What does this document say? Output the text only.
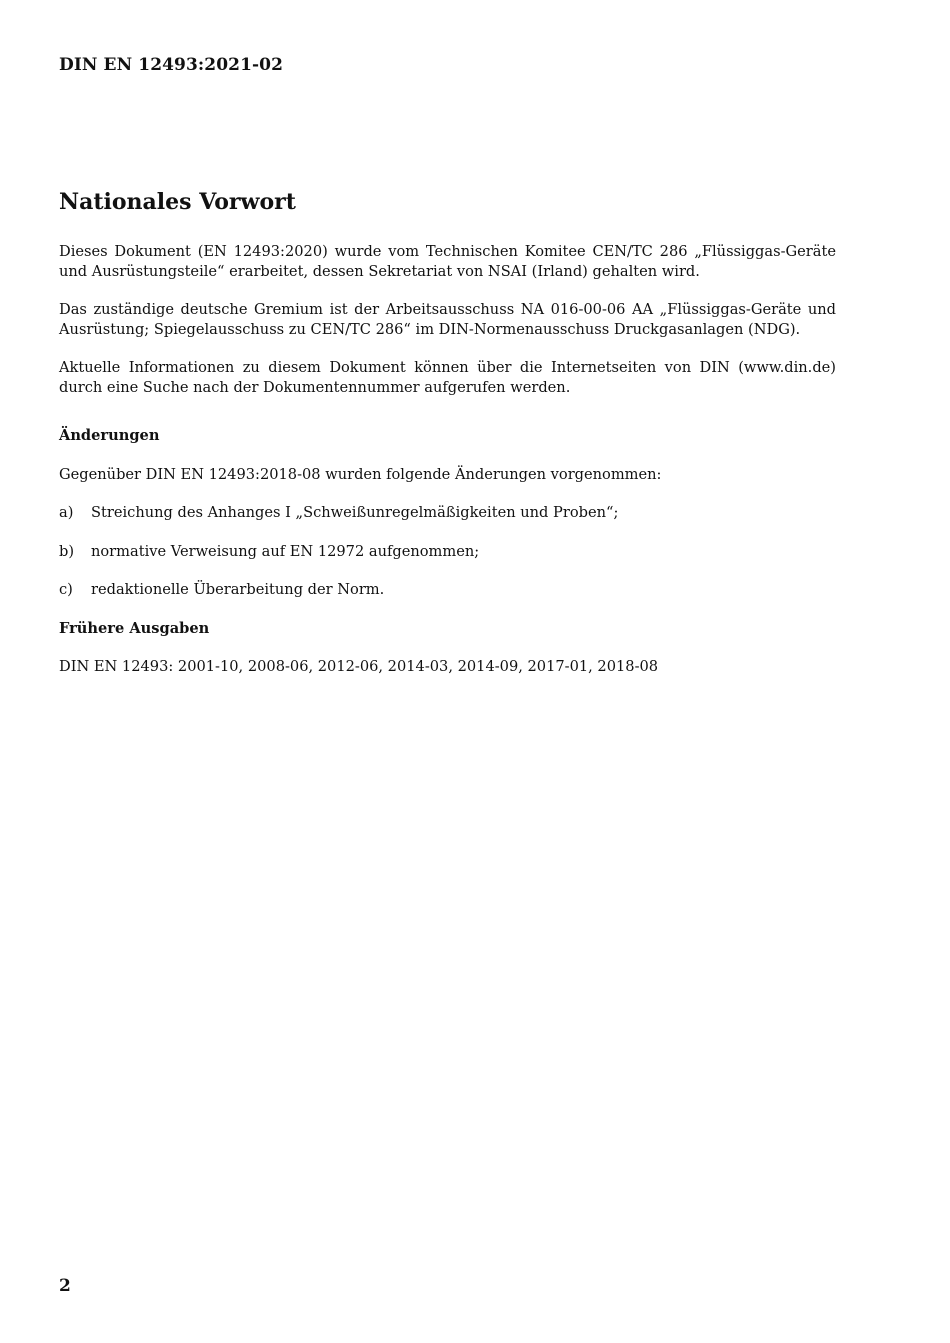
DIN EN 12493:2021-02
Nationales Vorwort

Dieses Dokument (EN 12493:2020) wurde vom Technischen Komitee CEN/TC 286 „Flüssiggas-Geräte und Ausrüstungsteile“ erarbeitet, dessen Sekretariat von NSAI (Irland) gehalten wird.

Das zuständige deutsche Gremium ist der Arbeitsausschuss NA 016-00-06 AA „Flüssiggas-Geräte und Ausrüstung; Spiegelausschuss zu CEN/TC 286“ im DIN-Normenausschuss Druckgasanlagen (NDG).

Aktuelle Informationen zu diesem Dokument können über die Internetseiten von DIN (www.din.de) durch eine Suche nach der Dokumentennummer aufgerufen werden.

Änderungen

Gegenüber DIN EN 12493:2018-08 wurden folgende Änderungen vorgenommen:

a)	Streichung des Anhanges I „Schweißunregelmäßigkeiten und Proben“;
b)	normative Verweisung auf EN 12972 aufgenommen;
c)	redaktionelle Überarbeitung der Norm.
Frühere Ausgaben

DIN EN 12493: 2001-10, 2008-06, 2012-06, 2014-03, 2014-09, 2017-01, 2018-08

2
